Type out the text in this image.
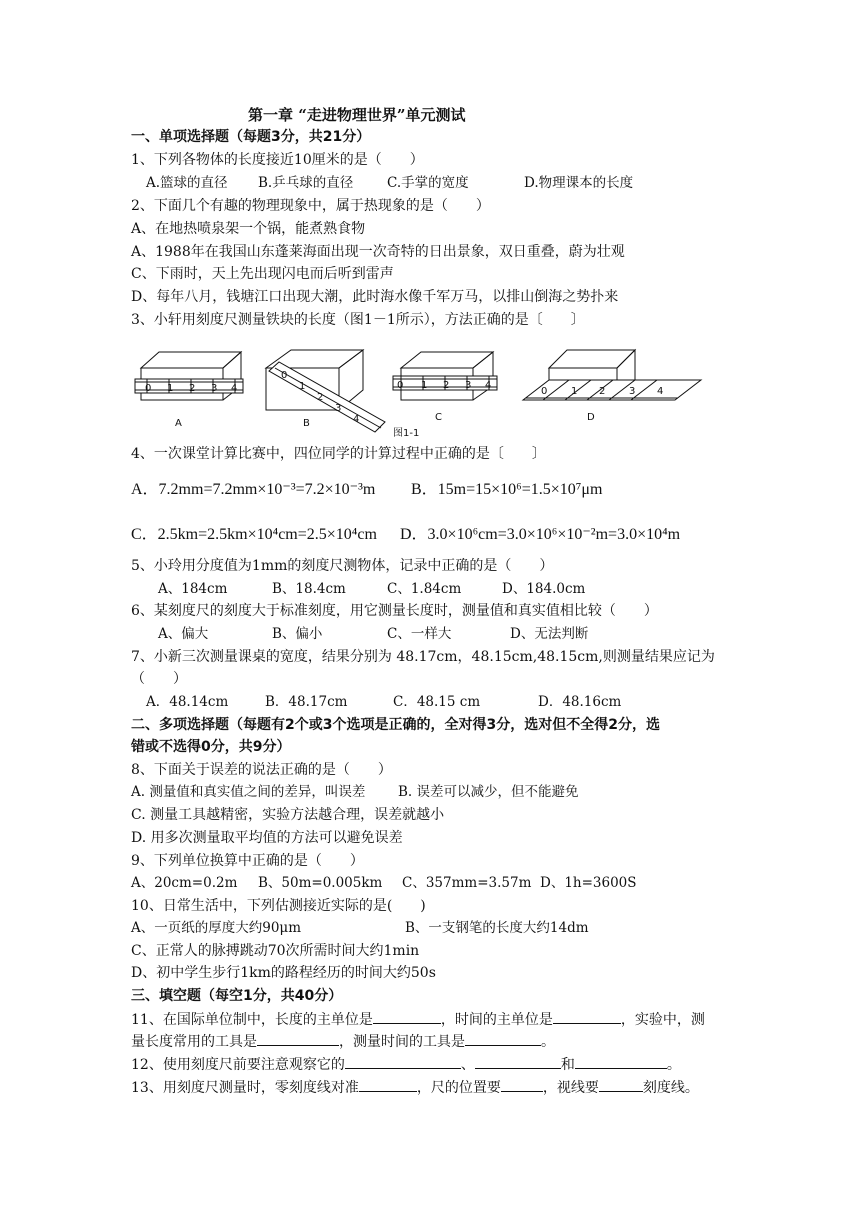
第一章 “走进物理世界”单元测试
一、单项选择题（每题3分，共21分）
1、下列各物体的长度接近10厘米的是（　　）
A.篮球的直径 B.乒乓球的直径	C.手掌的宽度	D.物理课本的长度
2、下面几个有趣的物理现象中，属于热现象的是（　　）
A、在地热喷泉架一个锅，能煮熟食物
A、1988年在我国山东蓬莱海面出现一次奇特的日出景象，双日重叠，蔚为壮观
C、下雨时，天上先出现闪电而后听到雷声
D、每年八月，钱塘江口出现大潮，此时海水像千军万马，以排山倒海之势扑来
3、小轩用刻度尺测量铁块的长度（图1－1所示），方法正确的是〔　　〕
0 1 2 3 4
0
1
2
3
4
0 1 2 3 4
0 1 2 3 4
A	B
C	D
图1-1
4、一次课堂计算比赛中，四位同学的计算过程中正确的是〔　　〕
A．7.2mm=7.2mm×10⁻³=7.2×10⁻³m B．15m=15×10⁶=1.5×10⁷μm
C．2.5km=2.5km×10⁴cm=2.5×10⁴cm D．3.0×10⁶cm=3.0×10⁶×10⁻²m=3.0×10⁴m
5、小玲用分度值为1mm的刻度尺测物体，记录中正确的是（　　）
A、184cm	B、18.4cm	C、1.84cm	D、184.0cm
6、某刻度尺的刻度大于标准刻度，用它测量长度时，测量值和真实值相比较（　　）
A、偏大	B、偏小	C、一样大	D、无法判断
7、小新三次测量课桌的宽度，结果分别为 48.17cm，48.15cm,48.15cm,则测量结果应记为
（　　）
A．48.14cm	B．48.17cm	C．48.15 cm	D．48.16cm
二、多项选择题（每题有2个或3个选项是正确的，全对得3分，选对但不全得2分，选
错或不选得0分，共9分）
8、下面关于误差的说法正确的是（　　）
A. 测量值和真实值之间的差异，叫误差 B. 误差可以减少，但不能避免
C. 测量工具越精密，实验方法越合理，误差就越小
D. 用多次测量取平均值的方法可以避免误差
9、下列单位换算中正确的是（　　）
A、20cm=0.2m B、50m=0.005km C、357mm=3.57m D、1h=3600S
10、日常生活中，下列估测接近实际的是(　　)
A、一页纸的厚度大约90μm	B、一支钢笔的长度大约14dm
C、正常人的脉搏跳动70次所需时间大约1min
D、初中学生步行1km的路程经历的时间大约50s
三、填空题（每空1分，共40分）
11、在国际单位制中，长度的主单位是	，时间的主单位是	，实验中，测
量长度常用的工具是	，测量时间的工具是	。
12、使用刻度尺前要注意观察它的	、	和	。
13、用刻度尺测量时，零刻度线对准	，尺的位置要	，视线要	刻度线。
